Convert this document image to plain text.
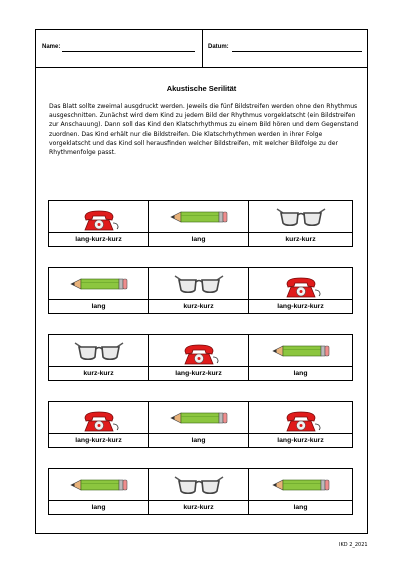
Name:	Datum:
Akustische Serilität
Das Blatt sollte zweimal ausgdruckt werden. Jeweils die fünf Bildstreifen werden ohne den Rhythmus ausgeschnitten. Zunächst wird dem Kind zu jedem Bild der Rhythmus vorgeklatscht (ein Bildstreifen zur Anschauung). Dann soll das Kind den Klatschrhythmus zu einem Bild hören und dem Gegenstand zuordnen. Das Kind erhält nur die Bildstreifen. Die Klatschrhythmen werden in ihrer Folge vorgeklatscht und das Kind soll herausfinden welcher Bildstreifen, mit welcher Bildfolge zu der Rhythmenfolge passt.
lang-kurz-kurz	lang	kurz-kurz
lang	kurz-kurz	lang-kurz-kurz
kurz-kurz	lang-kurz-kurz	lang
lang-kurz-kurz	lang	lang-kurz-kurz
lang	kurz-kurz	lang
IKD 2_2021
